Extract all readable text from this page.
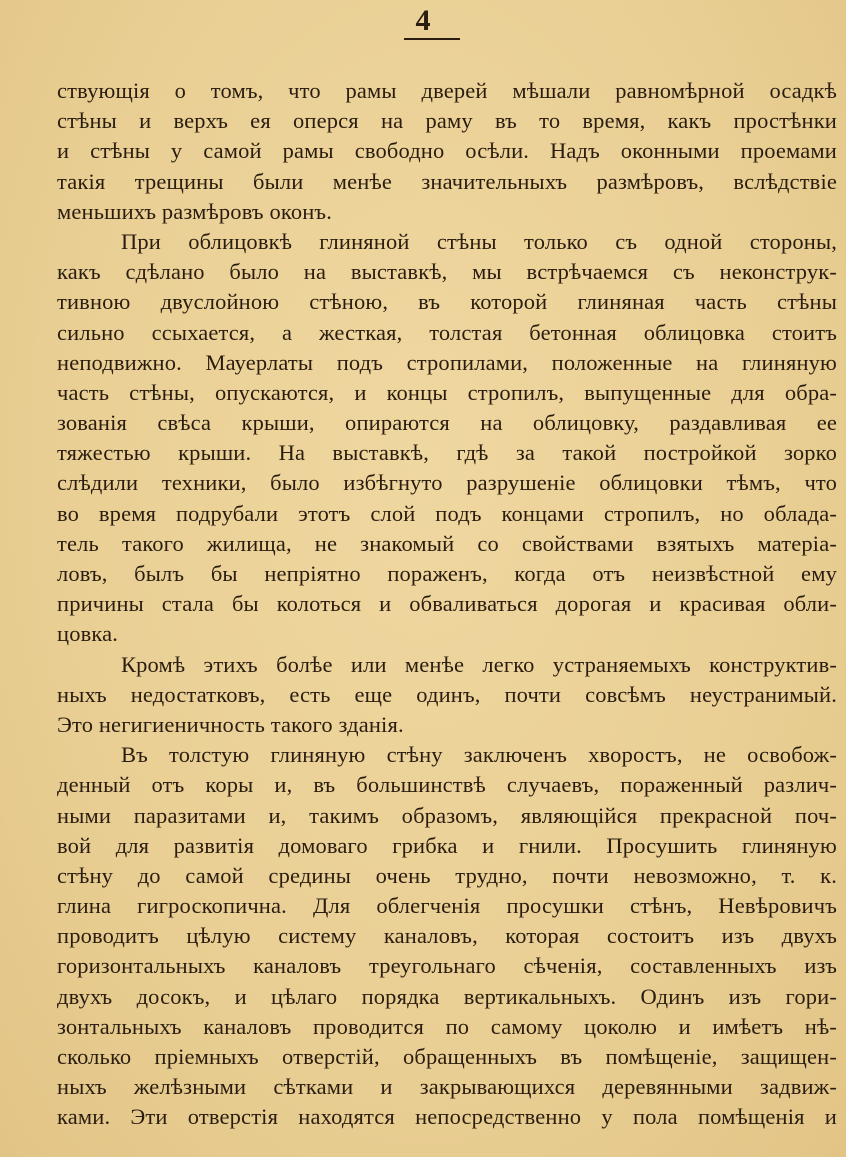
4
ствующія о томъ, что рамы дверей мѣшали равномѣрной осадкѣ
стѣны и верхъ ея оперся на раму въ то время, какъ простѣнки
и стѣны у самой рамы свободно осѣли. Надъ оконными проемами
такія трещины были менѣе значительныхъ размѣровъ, вслѣдствіе
меньшихъ размѣровъ оконъ.
При облицовкѣ глиняной стѣны только съ одной стороны,
какъ сдѣлано было на выставкѣ, мы встрѣчаемся съ неконструк-
тивною двуслойною стѣною, въ которой глиняная часть стѣны
сильно ссыхается, а жесткая, толстая бетонная облицовка стоитъ
неподвижно. Мауерлаты подъ стропилами, положенные на глиняную
часть стѣны, опускаются, и концы стропилъ, выпущенные для обра-
зованія свѣса крыши, опираются на облицовку, раздавливая ее
тяжестью крыши. На выставкѣ, гдѣ за такой постройкой зорко
слѣдили техники, было избѣгнуто разрушеніе облицовки тѣмъ, что
во время подрубали этотъ слой подъ концами стропилъ, но облада-
тель такого жилища, не знакомый со свойствами взятыхъ матеріа-
ловъ, былъ бы непріятно пораженъ, когда отъ неизвѣстной ему
причины стала бы колоться и обваливаться дорогая и красивая обли-
цовка.
Кромѣ этихъ болѣе или менѣе легко устраняемыхъ конструктив-
ныхъ недостатковъ, есть еще одинъ, почти совсѣмъ неустранимый.
Это негигиеничность такого зданія.
Въ толстую глиняную стѣну заключенъ хворостъ, не освобож-
денный отъ коры и, въ большинствѣ случаевъ, пораженный различ-
ными паразитами и, такимъ образомъ, являющійся прекрасной поч-
вой для развитія домоваго грибка и гнили. Просушить глиняную
стѣну до самой средины очень трудно, почти невозможно, т. к.
глина гигроскопична. Для облегченія просушки стѣнъ, Невѣровичъ
проводитъ цѣлую систему каналовъ, которая состоитъ изъ двухъ
горизонтальныхъ каналовъ треугольнаго сѣченія, составленныхъ изъ
двухъ досокъ, и цѣлаго порядка вертикальныхъ. Одинъ изъ гори-
зонтальныхъ каналовъ проводится по самому цоколю и имѣетъ нѣ-
сколько пріемныхъ отверстій, обращенныхъ въ помѣщеніе, защищен-
ныхъ желѣзными сѣтками и закрывающихся деревянными задвиж-
ками. Эти отверстія находятся непосредственно у пола помѣщенія и
